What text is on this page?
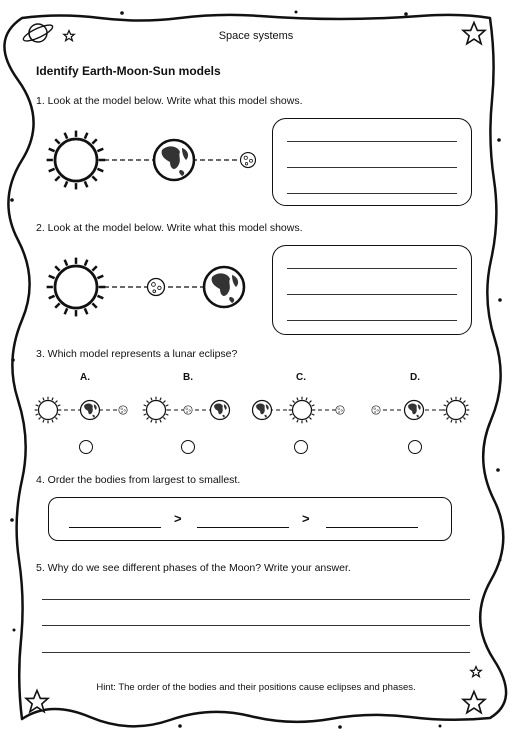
Space systems
Identify Earth-Moon-Sun models
1. Look at the model below. Write what this model shows.
2. Look at the model below. Write what this model shows.
3. Which model represents a lunar eclipse?
A.	B.	C.	D.
4. Order the bodies from largest to smallest.
>	>
5. Why do we see different phases of the Moon? Write your answer.
Hint: The order of the bodies and their positions cause eclipses and phases.
